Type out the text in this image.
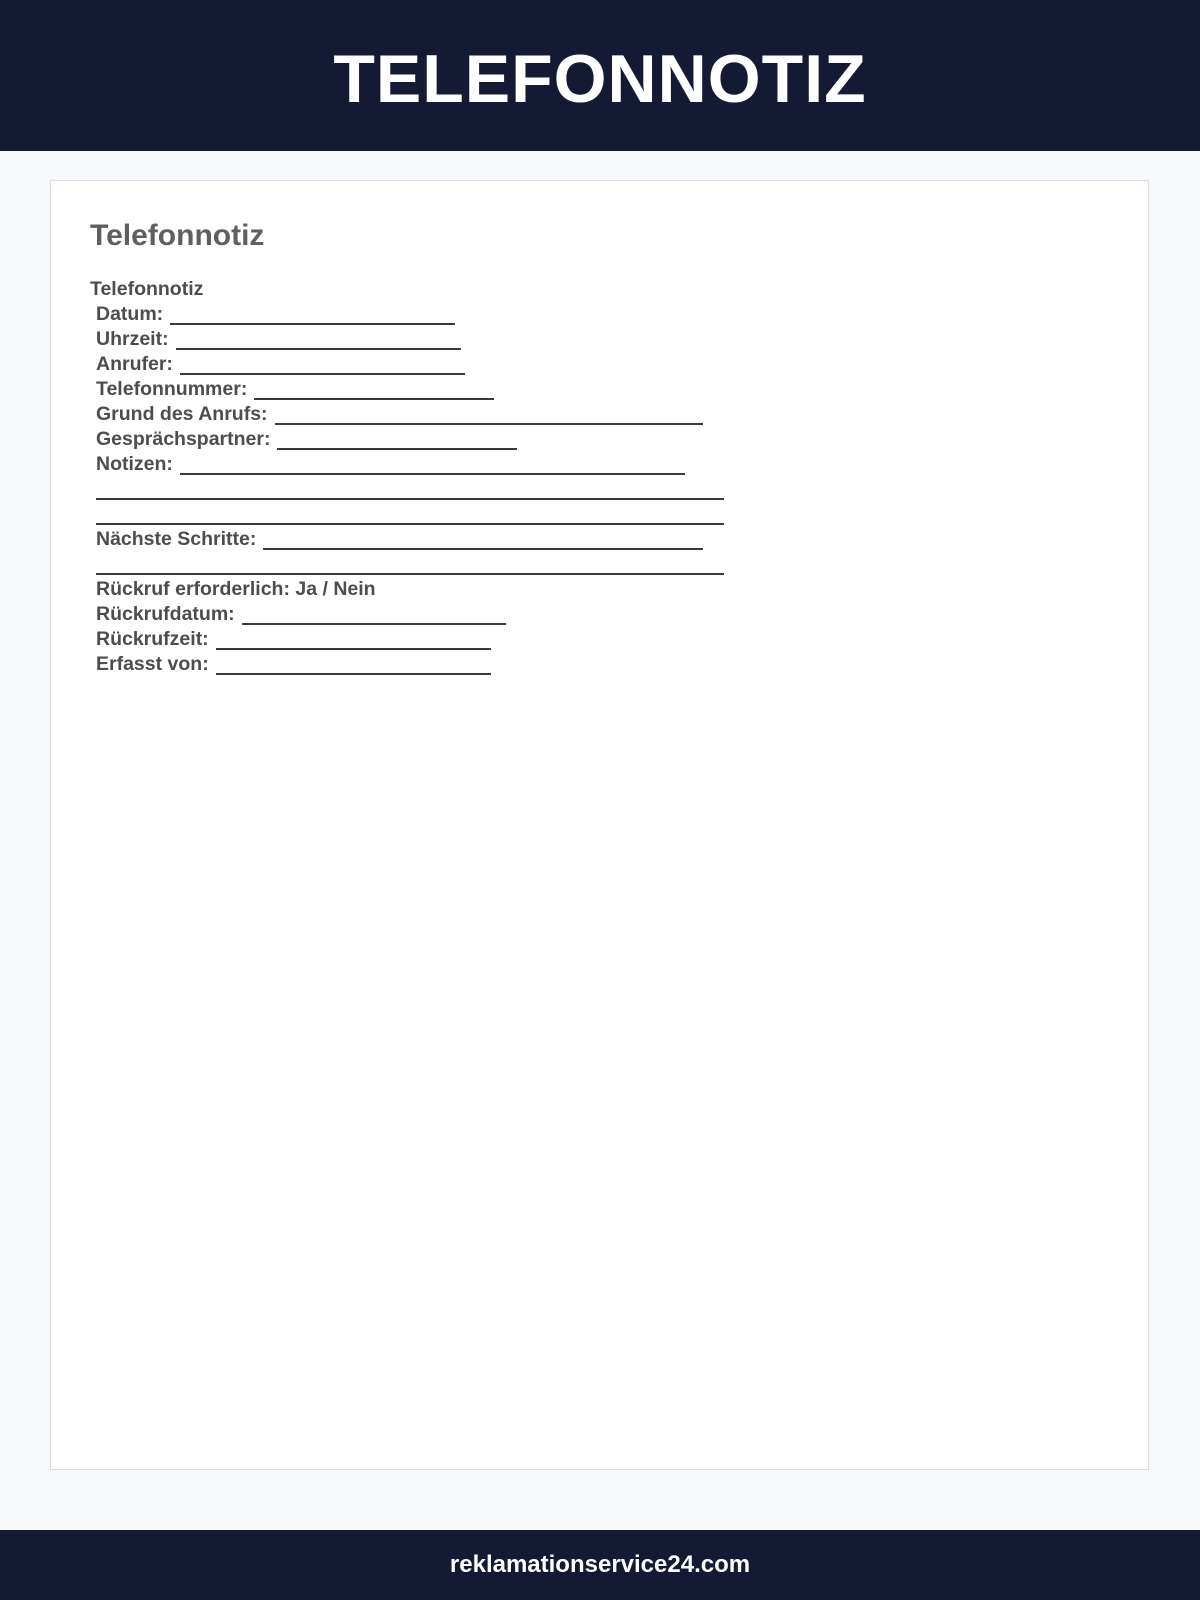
TELEFONNOTIZ
Telefonnotiz
Telefonnotiz
Datum:
Uhrzeit:
Anrufer:
Telefonnummer:
Grund des Anrufs:
Gesprächspartner:
Notizen:
Nächste Schritte:
Rückruf erforderlich: Ja / Nein
Rückrufdatum:
Rückrufzeit:
Erfasst von:
reklamationservice24.com
